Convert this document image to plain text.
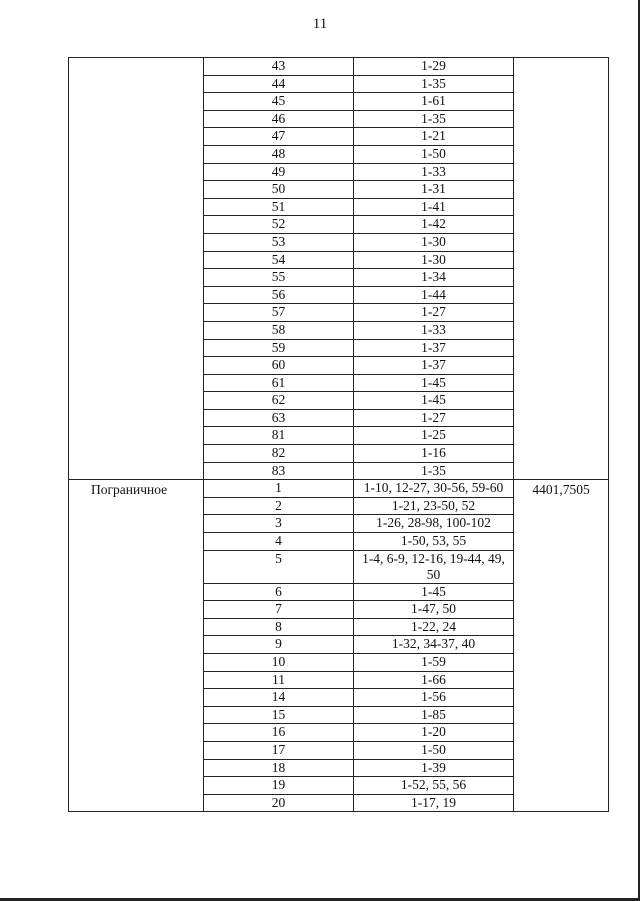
11
	43	1-29	
	44	1-35	
	45	1-61	
	46	1-35	
	47	1-21	
	48	1-50	
	49	1-33	
	50	1-31	
	51	1-41	
	52	1-42	
	53	1-30	
	54	1-30	
	55	1-34	
	56	1-44	
	57	1-27	
	58	1-33	
	59	1-37	
	60	1-37	
	61	1-45	
	62	1-45	
	63	1-27	
	81	1-25	
	82	1-16	
	83	1-35	
Пограничное	1	1-10, 12-27, 30-56, 59-60	4401,7505
	2	1-21, 23-50, 52	
	3	1-26, 28-98, 100-102	
	4	1-50, 53, 55	
	5	1-4, 6-9, 12-16, 19-44, 49, 50	
	6	1-45	
	7	1-47, 50	
	8	1-22, 24	
	9	1-32, 34-37, 40	
	10	1-59	
	11	1-66	
	14	1-56	
	15	1-85	
	16	1-20	
	17	1-50	
	18	1-39	
	19	1-52, 55, 56	
	20	1-17, 19	
